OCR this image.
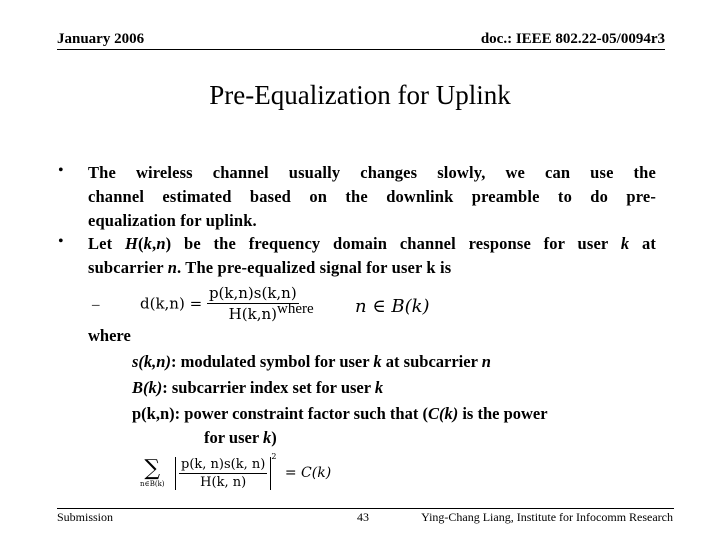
January 2006	doc.: IEEE 802.22-05/0094r3
Pre-Equalization for Uplink
• The wireless channel usually changes slowly, we can use the
channel estimated based on the downlink preamble to do pre-
equalization for uplink.
• Let H(k,n) be the frequency domain channel response for user k at
subcarrier n. The pre-equalized signal for user k is
–	$d(k,n) = \frac{p(k,n)s(k,n)}{H(k,n)}$
where n ∈ B(k)
where
s(k,n): modulated symbol for user k at subcarrier n
B(k): subcarrier index set for user k
p(k,n): power constraint factor such that (C(k) is the power
for user k)
∑
n∈B(k)
$\frac{p(k, n)s(k, n)}{H(k, n)} ^2 = C(k)$
Submission	43	Ying-Chang Liang, Institute for Infocomm Research
